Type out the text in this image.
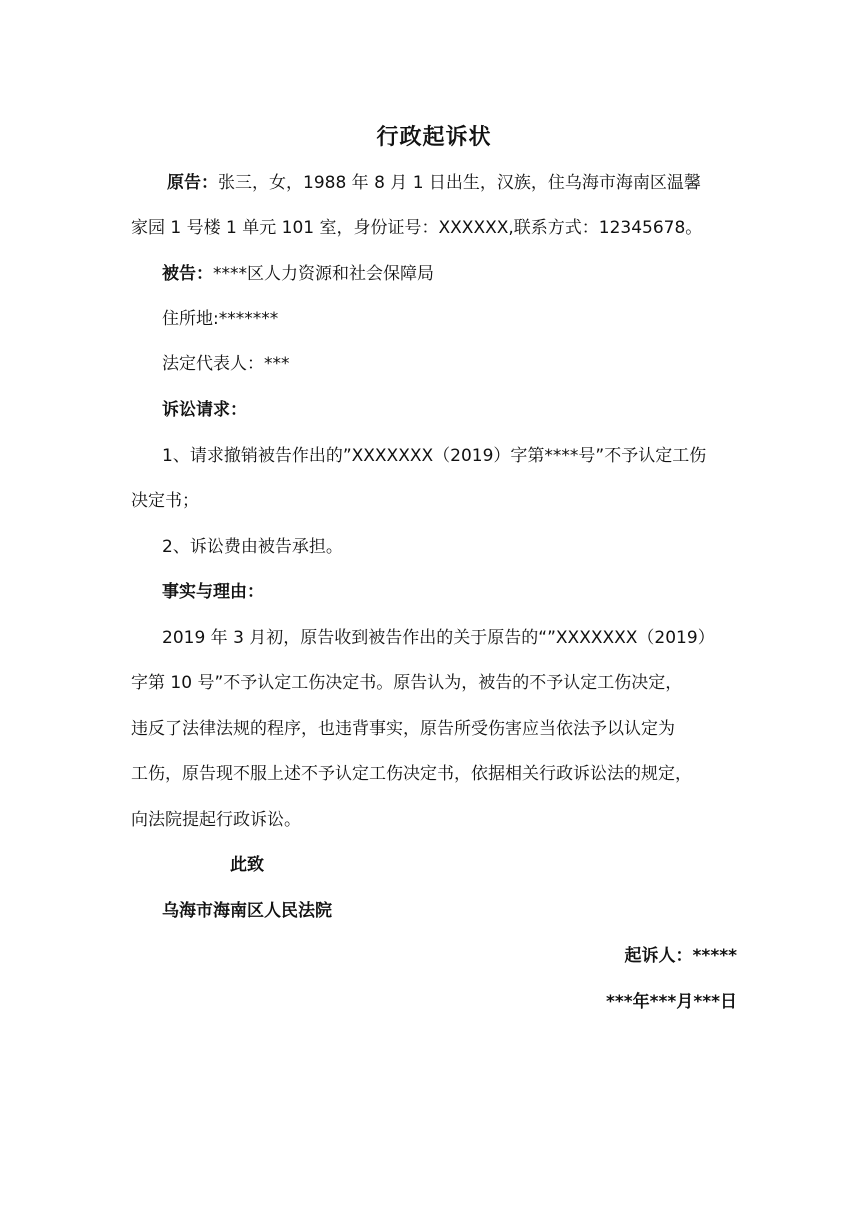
行政起诉状
原告：张三，女，1988 年 8 月 1 日出生，汉族，住乌海市海南区温馨
家园 1 号楼 1 单元 101 室，身份证号：XXXXXX,联系方式：12345678。
被告：****区人力资源和社会保障局
住所地:*******
法定代表人：***
诉讼请求：
1、请求撤销被告作出的”XXXXXXX（2019）字第****号”不予认定工伤
决定书；
2、诉讼费由被告承担。
事实与理由：
2019 年 3 月初，原告收到被告作出的关于原告的“”XXXXXXX（2019）
字第 10 号”不予认定工伤决定书。原告认为，被告的不予认定工伤决定，
违反了法律法规的程序，也违背事实，原告所受伤害应当依法予以认定为
工伤，原告现不服上述不予认定工伤决定书，依据相关行政诉讼法的规定，
向法院提起行政诉讼。
此致
乌海市海南区人民法院
起诉人：*****
***年***月***日
